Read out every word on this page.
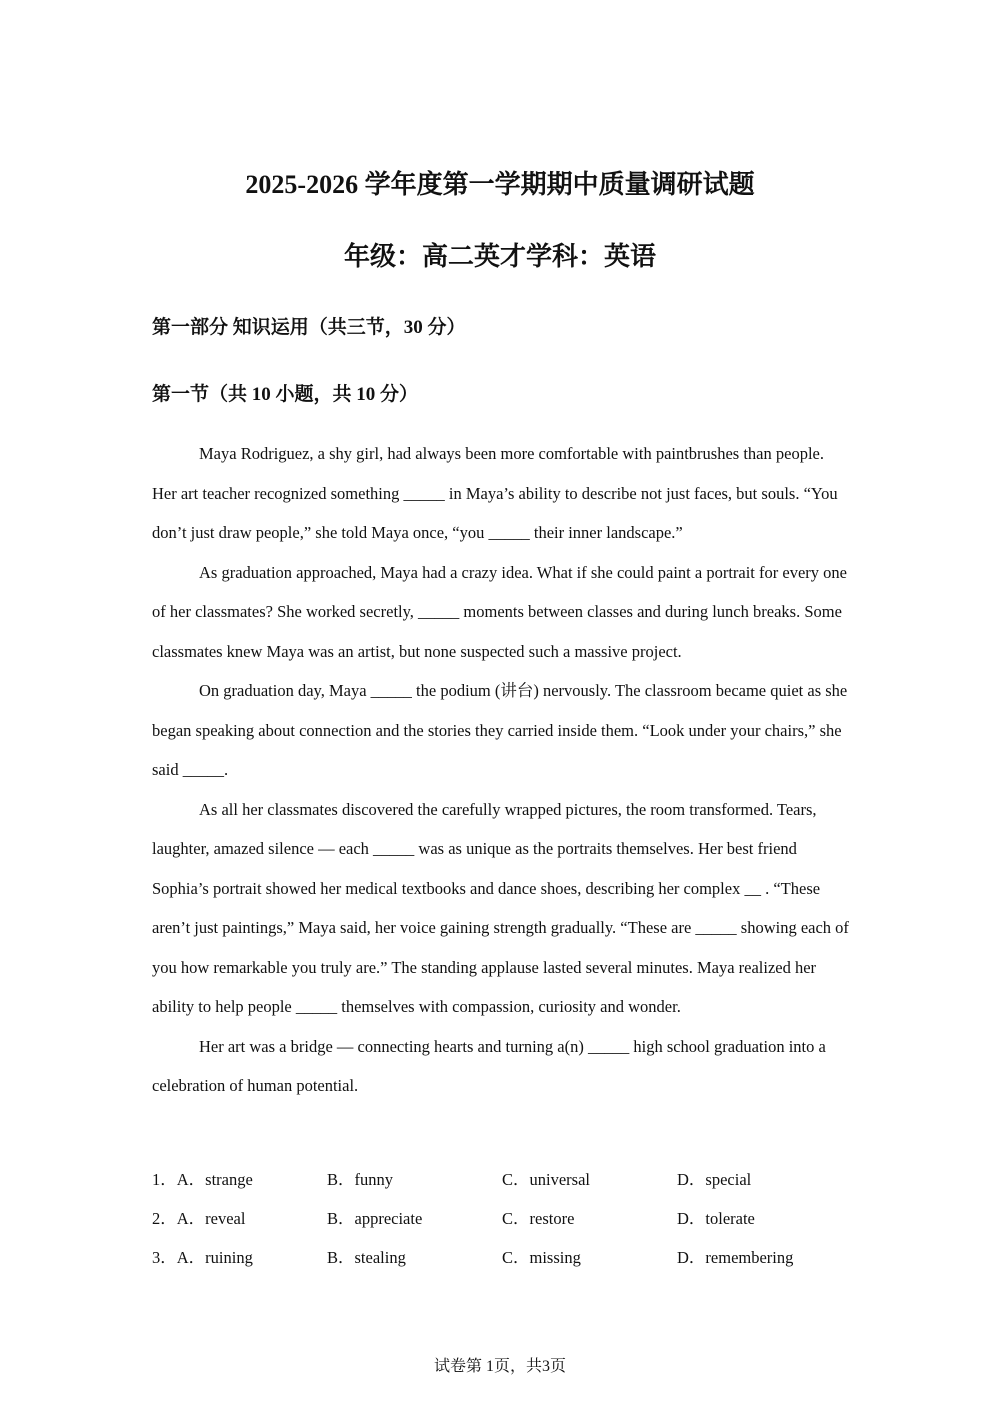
2025-2026 学年度第一学期期中质量调研试题
年级：高二英才学科：英语
第一部分 知识运用（共三节，30 分）
第一节（共 10 小题，共 10 分）

Maya Rodriguez, a shy girl, had always been more comfortable with paintbrushes than people. Her art teacher recognized something _____ in Maya’s ability to describe not just faces, but souls. “You don’t just draw people,” she told Maya once, “you _____ their inner landscape.”

As graduation approached, Maya had a crazy idea. What if she could paint a portrait for every one of her classmates? She worked secretly, _____ moments between classes and during lunch breaks. Some classmates knew Maya was an artist, but none suspected such a massive project.

On graduation day, Maya _____ the podium (讲台) nervously. The classroom became quiet as she began speaking about connection and the stories they carried inside them. “Look under your chairs,” she said _____.

As all her classmates discovered the carefully wrapped pictures, the room transformed. Tears, laughter, amazed silence — each _____ was as unique as the portraits themselves. Her best friend Sophia’s portrait showed her medical textbooks and dance shoes, describing her complex __ . “These aren’t just paintings,” Maya said, her voice gaining strength gradually. “These are _____ showing each of you how remarkable you truly are.” The standing applause lasted several minutes. Maya realized her ability to help people _____ themselves with compassion, curiosity and wonder.

Her art was a bridge — connecting hearts and turning a(n) _____ high school graduation into a celebration of human potential.

1．A．strange	B．funny	C．universal	D．special
2．A．reveal	B．appreciate	C．restore	D．tolerate
3．A．ruining	B．stealing	C．missing	D．remembering
试卷第 1页，共3页
